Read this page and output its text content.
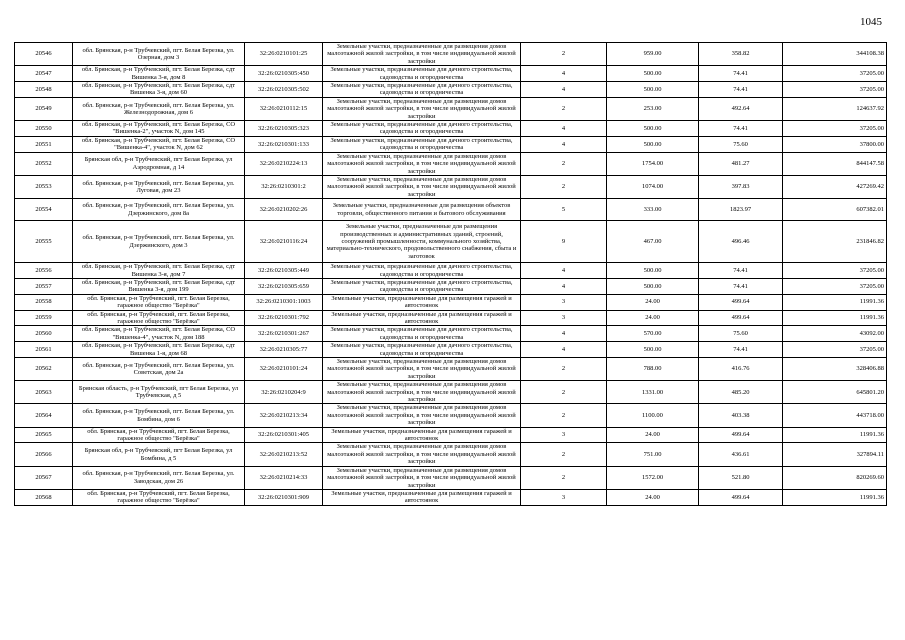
1045
20546	обл. Брянская, р-н Трубчевский, пгт. Белая Березка, ул. Озерная, дом 3	32:26:0210101:25	Земельные участки, предназначенные для размещения домов малоэтажной жилой застройки, в том числе индивидуальной жилой застройки	2	959.00	358.82	344108.38
20547	обл. Брянская, р-н Трубчевский, пгт. Белая Березка, сдт Вишенка 3-я, дом 8	32:26:0210305:450	Земельные участки, предназначенные для дачного строительства, садоводства и огородничества	4	500.00	74.41	37205.00
20548	обл. Брянская, р-н Трубчевский, пгт. Белая Березка, сдт Вишенка 3-я, дом 60	32:26:0210305:502	Земельные участки, предназначенные для дачного строительства, садоводства и огородничества	4	500.00	74.41	37205.00
20549	обл. Брянская, р-н Трубчевский, пгт. Белая Березка, ул. Железнодорожная, дом 6	32:26:0210112:15	Земельные участки, предназначенные для размещения домов малоэтажной жилой застройки, в том числе индивидуальной жилой застройки	2	253.00	492.64	124637.92
20550	обл. Брянская, р-н Трубчевский, пгт. Белая Березка, СО "Вишенка-2", участок N, дом 145	32:26:0210305:323	Земельные участки, предназначенные для дачного строительства, садоводства и огородничества	4	500.00	74.41	37205.00
20551	обл. Брянская, р-н Трубчевский, пгт. Белая Березка, СО "Вишенка-4", участок N, дом 62	32:26:0210301:133	Земельные участки, предназначенные для дачного строительства, садоводства и огородничества	4	500.00	75.60	37800.00
20552	Брянская обл, р-н Трубчевский, пгт Белая Березка, ул Аэродромная, д 14	32:26:0210224:13	Земельные участки, предназначенные для размещения домов малоэтажной жилой застройки, в том числе индивидуальной жилой застройки	2	1754.00	481.27	844147.58
20553	обл. Брянская, р-н Трубчевский, пгт. Белая Березка, ул. Луговая, дом 23	32:26:0210301:2	Земельные участки, предназначенные для размещения домов малоэтажной жилой застройки, в том числе индивидуальной жилой застройки	2	1074.00	397.83	427269.42
20554	обл. Брянская, р-н Трубчевский, пгт. Белая Березка, ул. Дзержинского, дом 8а	32:26:0210202:26	Земельные участки, предназначенные для размещения объектов торговли, общественного питания и бытового обслуживания	5	333.00	1823.97	607382.01
20555	обл. Брянская, р-н Трубчевский, пгт. Белая Березка, ул. Дзержинского, дом 3	32:26:0210116:24	Земельные участки, предназначенные для размещения производственных и административных зданий, строений, сооружений промышленности, коммунального хозяйства, материально-технического, продовольственного снабжения, сбыта и заготовок	9	467.00	496.46	231846.82
20556	обл. Брянская, р-н Трубчевский, пгт. Белая Березка, сдт Вишенка 3-я, дом 7	32:26:0210305:449	Земельные участки, предназначенные для дачного строительства, садоводства и огородничества	4	500.00	74.41	37205.00
20557	обл. Брянская, р-н Трубчевский, пгт. Белая Березка, сдт Вишенка 3-я, дом 199	32:26:0210305:659	Земельные участки, предназначенные для дачного строительства, садоводства и огородничества	4	500.00	74.41	37205.00
20558	обл. Брянская, р-н Трубчевский, пгт. Белая Березка, гаражное общество "Берёзка"	32:26:0210301:1003	Земельные участки, предназначенные для размещения гаражей и автостоянок	3	24.00	499.64	11991.36
20559	обл. Брянская, р-н Трубчевский, пгт. Белая Березка, гаражное общество "Берёзка"	32:26:0210301:792	Земельные участки, предназначенные для размещения гаражей и автостоянок	3	24.00	499.64	11991.36
20560	обл. Брянская, р-н Трубчевский, пгт. Белая Березка, СО "Вишенка-4", участок N, дом 188	32:26:0210301:267	Земельные участки, предназначенные для дачного строительства, садоводства и огородничества	4	570.00	75.60	43092.00
20561	обл. Брянская, р-н Трубчевский, пгт. Белая Березка, сдт Вишенка 1-я, дом 68	32:26:0210305:77	Земельные участки, предназначенные для дачного строительства, садоводства и огородничества	4	500.00	74.41	37205.00
20562	обл. Брянская, р-н Трубчевский, пгт. Белая Березка, ул. Советская, дом 2а	32:26:0210101:24	Земельные участки, предназначенные для размещения домов малоэтажной жилой застройки, в том числе индивидуальной жилой застройки	2	788.00	416.76	328406.88
20563	Брянская область, р-н Трубчевский, пгт Белая Березка, ул Трубчевская, д 5	32:26:0210204:9	Земельные участки, предназначенные для размещения домов малоэтажной жилой застройки, в том числе индивидуальной жилой застройки	2	1331.00	485.20	645801.20
20564	обл. Брянская, р-н Трубчевский, пгт. Белая Березка, ул. Бомбина, дом 6	32:26:0210213:34	Земельные участки, предназначенные для размещения домов малоэтажной жилой застройки, в том числе индивидуальной жилой застройки	2	1100.00	403.38	443718.00
20565	обл. Брянская, р-н Трубчевский, пгт. Белая Березка, гаражное общество "Берёзка"	32:26:0210301:405	Земельные участки, предназначенные для размещения гаражей и автостоянок	3	24.00	499.64	11991.36
20566	Брянская обл, р-н Трубчевский, пгт Белая Березка, ул Бомбина, д 5	32:26:0210213:52	Земельные участки, предназначенные для размещения домов малоэтажной жилой застройки, в том числе индивидуальной жилой застройки	2	751.00	436.61	327894.11
20567	обл. Брянская, р-н Трубчевский, пгт. Белая Березка, ул. Заводская, дом 26	32:26:0210214:33	Земельные участки, предназначенные для размещения домов малоэтажной жилой застройки, в том числе индивидуальной жилой застройки	2	1572.00	521.80	820269.60
20568	обл. Брянская, р-н Трубчевский, пгт. Белая Березка, гаражное общество "Берёзка"	32:26:0210301:909	Земельные участки, предназначенные для размещения гаражей и автостоянок	3	24.00	499.64	11991.36
